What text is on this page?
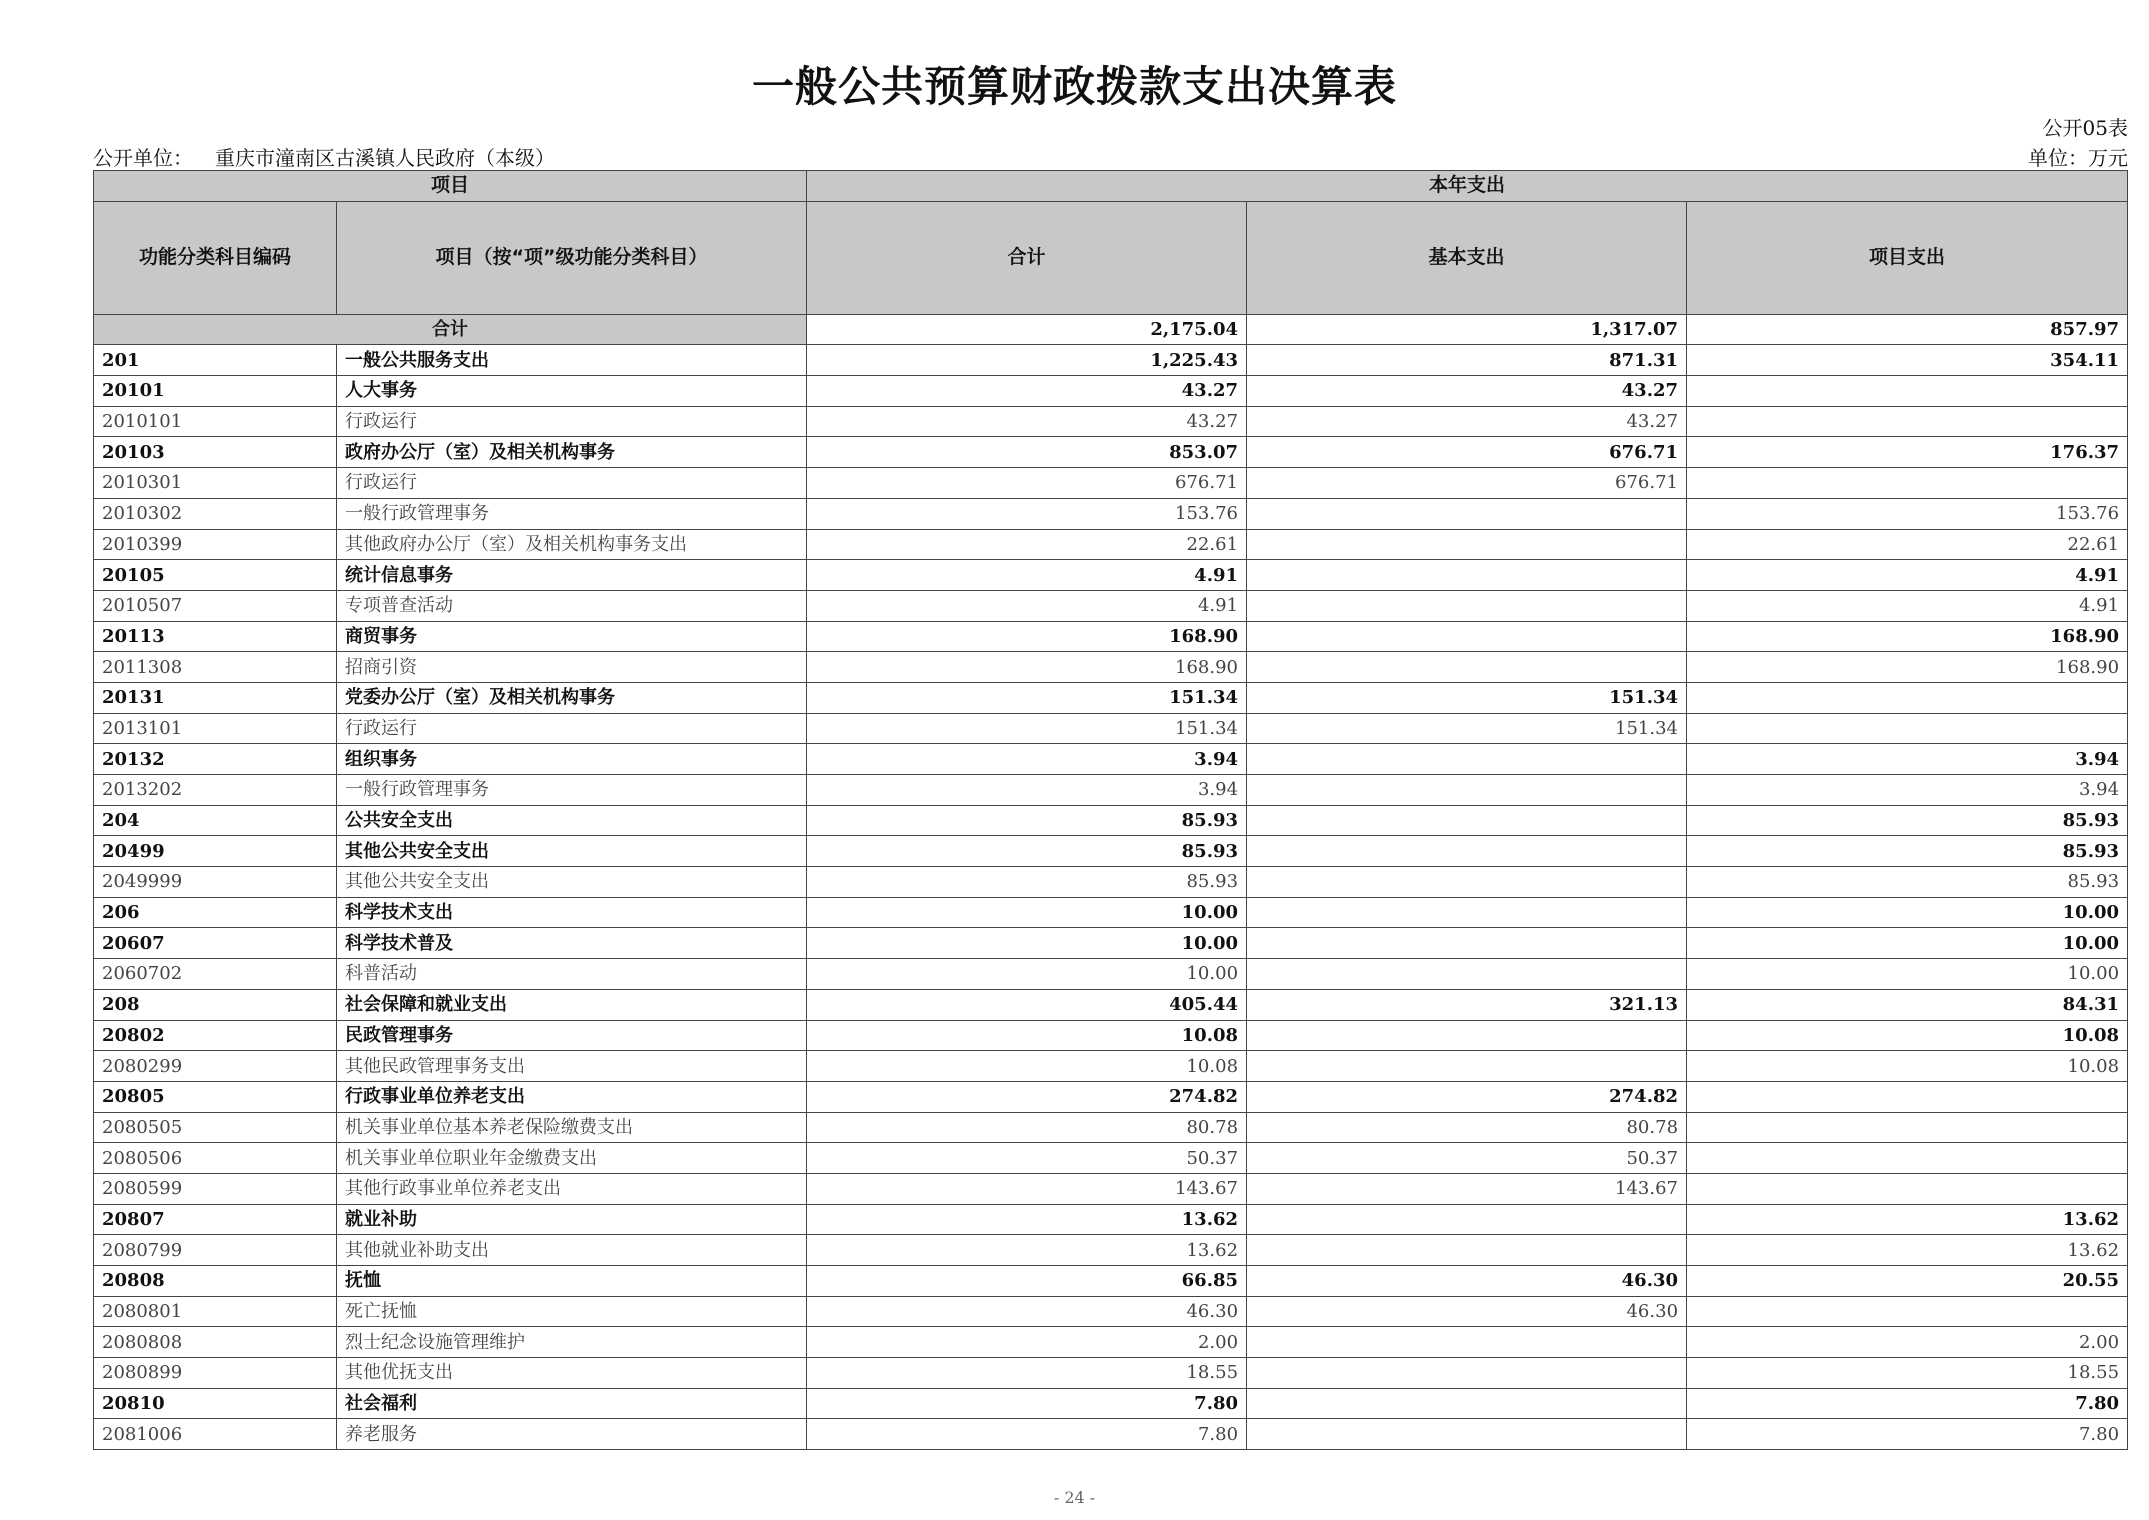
一般公共预算财政拨款支出决算表
公开05表
公开单位： 重庆市潼南区古溪镇人民政府（本级）	单位：万元
项目		本年支出		
功能分类科目编码	项目（按“项”级功能分类科目）	合计	基本支出	项目支出
合计		2,175.04	1,317.07	857.97
201	一般公共服务支出	1,225.43	871.31	354.11
20101	人大事务	43.27	43.27	
2010101	行政运行	43.27	43.27	
20103	政府办公厅（室）及相关机构事务	853.07	676.71	176.37
2010301	行政运行	676.71	676.71	
2010302	一般行政管理事务	153.76		153.76
2010399	其他政府办公厅（室）及相关机构事务支出	22.61		22.61
20105	统计信息事务	4.91		4.91
2010507	专项普查活动	4.91		4.91
20113	商贸事务	168.90		168.90
2011308	招商引资	168.90		168.90
20131	党委办公厅（室）及相关机构事务	151.34	151.34	
2013101	行政运行	151.34	151.34	
20132	组织事务	3.94		3.94
2013202	一般行政管理事务	3.94		3.94
204	公共安全支出	85.93		85.93
20499	其他公共安全支出	85.93		85.93
2049999	其他公共安全支出	85.93		85.93
206	科学技术支出	10.00		10.00
20607	科学技术普及	10.00		10.00
2060702	科普活动	10.00		10.00
208	社会保障和就业支出	405.44	321.13	84.31
20802	民政管理事务	10.08		10.08
2080299	其他民政管理事务支出	10.08		10.08
20805	行政事业单位养老支出	274.82	274.82	
2080505	机关事业单位基本养老保险缴费支出	80.78	80.78	
2080506	机关事业单位职业年金缴费支出	50.37	50.37	
2080599	其他行政事业单位养老支出	143.67	143.67	
20807	就业补助	13.62		13.62
2080799	其他就业补助支出	13.62		13.62
20808	抚恤	66.85	46.30	20.55
2080801	死亡抚恤	46.30	46.30	
2080808	烈士纪念设施管理维护	2.00		2.00
2080899	其他优抚支出	18.55		18.55
20810	社会福利	7.80		7.80
2081006	养老服务	7.80		7.80
- 24 -
